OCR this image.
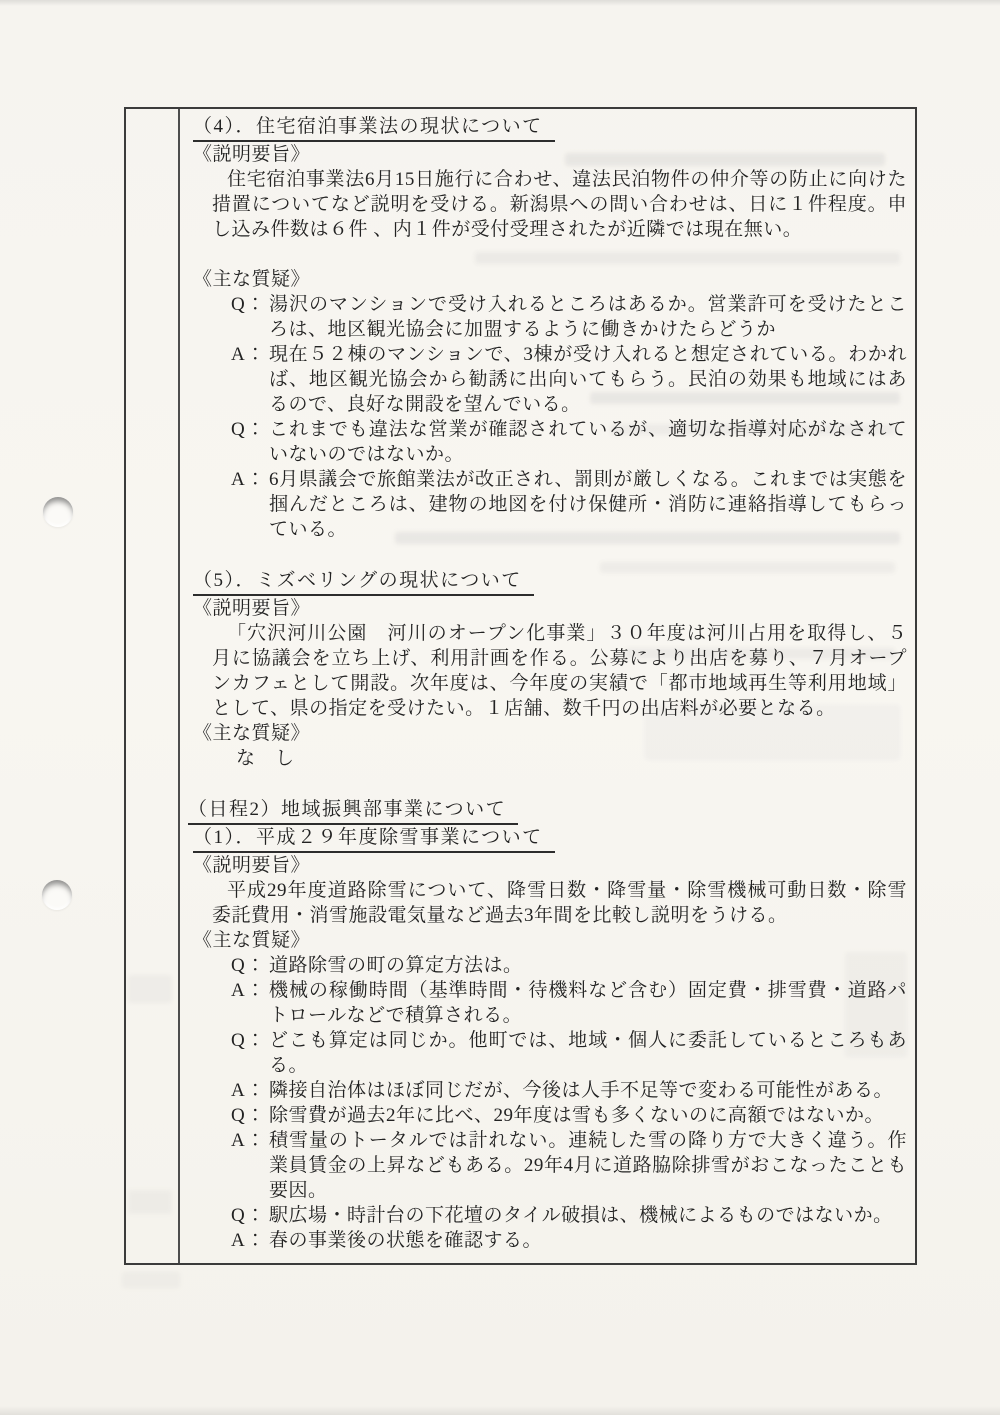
（4）．住宅宿泊事業法の現状について
《説明要旨》

住宅宿泊事業法6月15日施行に合わせ、違法民泊物件の仲介等の防止に向けた措置についてなど説明を受ける。新潟県への問い合わせは、日に１件程度。申し込み件数は６件 、内１件が受付受理されたが近隣では現在無い。

《主な質疑》
Q： 湯沢のマンションで受け入れるところはあるか。営業許可を受けたところは、地区観光協会に加盟するように働きかけたらどうか
A： 現在５２棟のマンションで、3棟が受け入れると想定されている。わかれば、地区観光協会から勧誘に出向いてもらう。民泊の効果も地域にはあるので、良好な開設を望んでいる。
Q： これまでも違法な営業が確認されているが、適切な指導対応がなされていないのではないか。
A： 6月県議会で旅館業法が改正され、罰則が厳しくなる。これまでは実態を掴んだところは、建物の地図を付け保健所・消防に連絡指導してもらっている。
（5）．ミズベリングの現状について
《説明要旨》

「穴沢河川公園　河川のオープン化事業」３０年度は河川占用を取得し、５月に協議会を立ち上げ、利用計画を作る。公募により出店を募り、７月オープンカフェとして開設。次年度は、今年度の実績で「都市地域再生等利用地域」として、県の指定を受けたい。１店舗、数千円の出店料が必要となる。

《主な質疑》
な　し
（日程2）地域振興部事業について
（1）．平成２９年度除雪事業について
《説明要旨》

平成29年度道路除雪について、降雪日数・降雪量・除雪機械可動日数・除雪委託費用・消雪施設電気量など過去3年間を比較し説明をうける。

《主な質疑》
Q： 道路除雪の町の算定方法は。
A： 機械の稼働時間（基準時間・待機料など含む）固定費・排雪費・道路パトロールなどで積算される。
Q： どこも算定は同じか。他町では、地域・個人に委託しているところもある。
A： 隣接自治体はほぼ同じだが、今後は人手不足等で変わる可能性がある。
Q： 除雪費が過去2年に比べ、29年度は雪も多くないのに高額ではないか。
A： 積雪量のトータルでは計れない。連続した雪の降り方で大きく違う。作業員賃金の上昇などもある。29年4月に道路脇除排雪がおこなったことも要因。
Q： 駅広場・時計台の下花壇のタイル破損は、機械によるものではないか。
A： 春の事業後の状態を確認する。
